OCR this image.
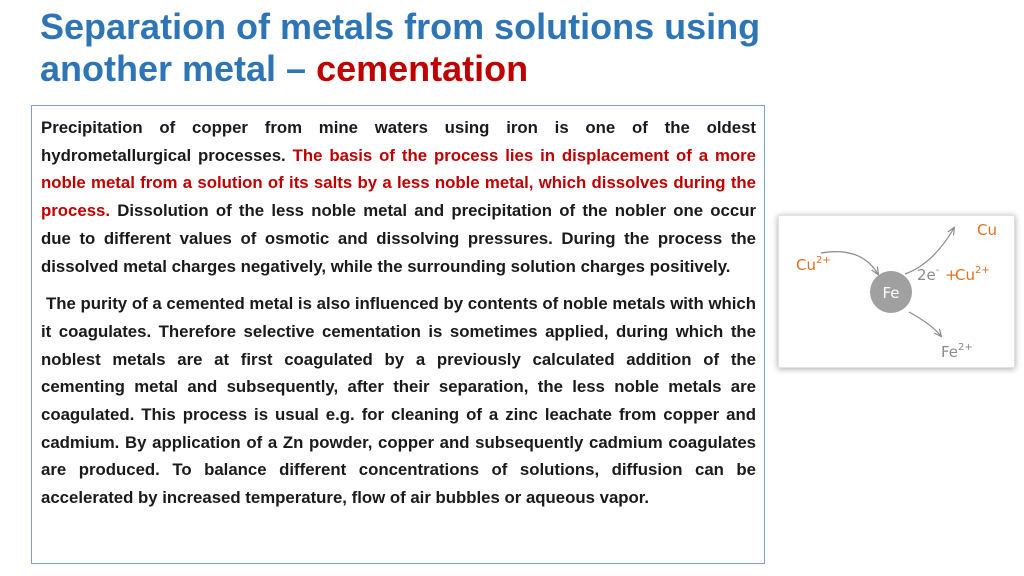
Separation of metals from solutions using another metal – cementation

Precipitation of copper from mine waters using iron is one of the oldest hydrometallurgical processes. The basis of the process lies in displacement of a more noble metal from a solution of its salts by a less noble metal, which dissolves during the process. Dissolution of the less noble metal and precipitation of the nobler one occur due to different values of osmotic and dissolving pressures. During the process the dissolved metal charges negatively, while the surrounding solution charges positively.

The purity of a cemented metal is also influenced by contents of noble metals with which it coagulates. Therefore selective cementation is sometimes applied, during which the noblest metals are at first coagulated by a previously calculated addition of the cementing metal and subsequently, after their separation, the less noble metals are coagulated. This process is usual e.g. for cleaning of a zinc leachate from copper and cadmium. By application of a Zn powder, copper and subsequently cadmium coagulates are produced. To balance different concentrations of solutions, diffusion can be accelerated by increased temperature, flow of air bubbles or aqueous vapor.

Fe
$Cu^{2+}$
2e- +
$Cu^{2+}$
Cu
$Fe^{2+}$
